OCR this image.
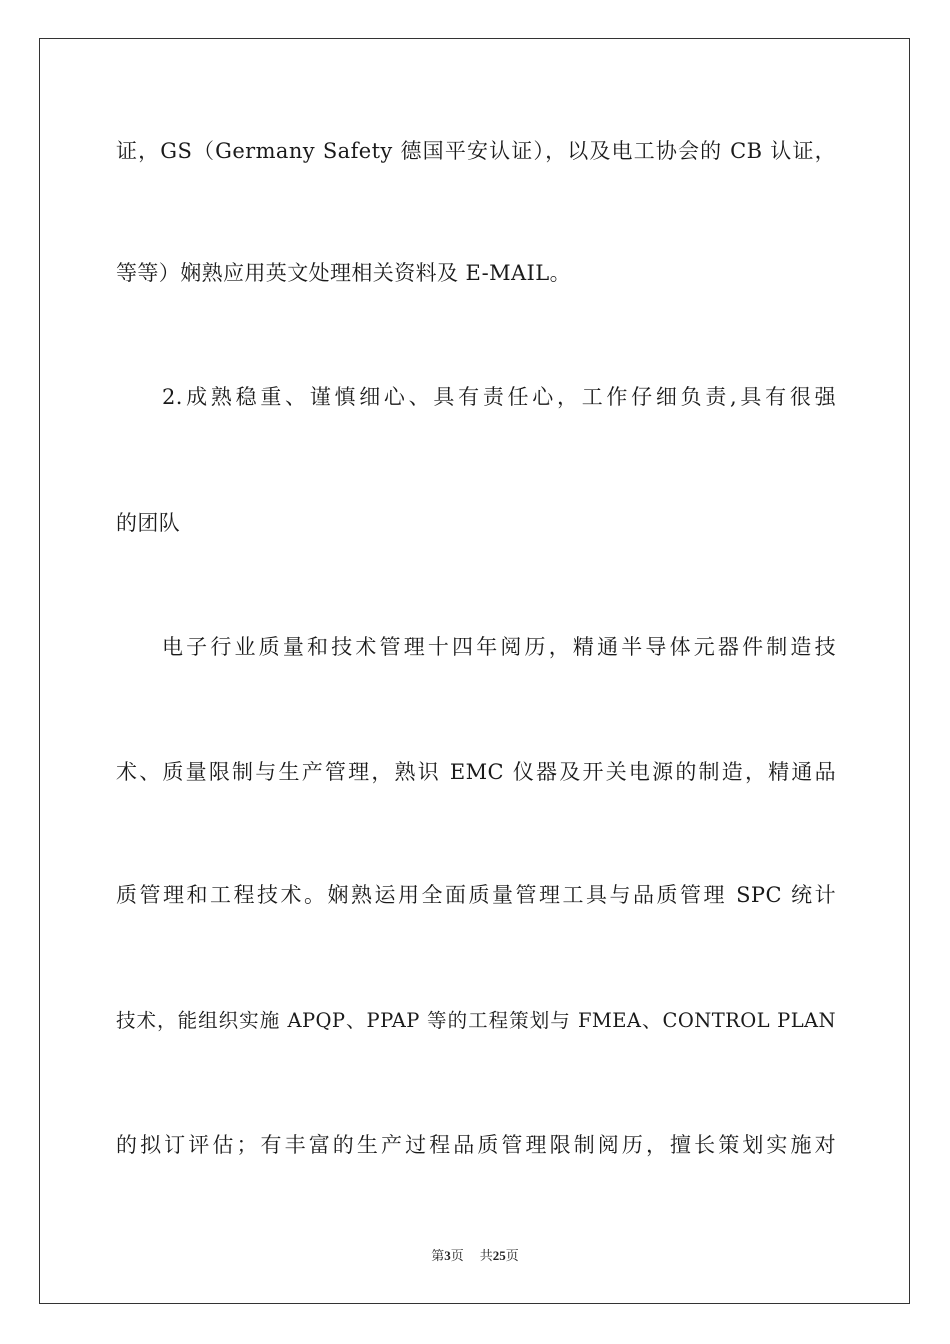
证，GS（Germany Safety 德国平安认证），以及电工协会的 CB 认证，
等等）娴熟应用英文处理相关资料及 E-MAIL。
2.成熟稳重、谨慎细心、具有责任心，工作仔细负责,具有很强
的团队
电子行业质量和技术管理十四年阅历，精通半导体元器件制造技
术、质量限制与生产管理，熟识 EMC 仪器及开关电源的制造，精通品
质管理和工程技术。娴熟运用全面质量管理工具与品质管理 SPC 统计
技术，能组织实施 APQP、PPAP 等的工程策划与 FMEA、CONTROL PLAN
的拟订评估；有丰富的生产过程品质管理限制阅历，擅长策划实施对
第3页 共25页
